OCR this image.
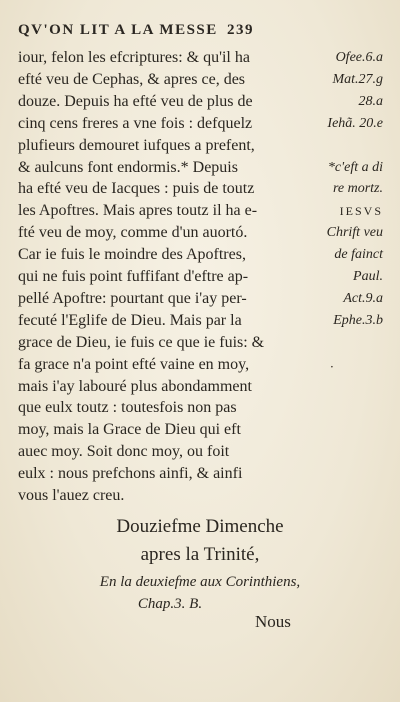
QV'ON LIT A LA MESSE 239
iour, felon les efcriptures: & qu'il ha	Ofee.6.a
efté veu de Cephas, & apres ce, des	Mat.27.g
douze. Depuis ha efté veu de plus de	28.a
cinq cens freres a vne fois : defquelz	Iehã. 20.e
plufieurs demouret iufques a prefent,
& aulcuns font endormis.* Depuis	*c'eft a di
ha efté veu de Iacques : puis de toutz	re mortz.
les Apoftres. Mais apres toutz il ha e-	IESVS
fté veu de moy, comme d'un auortó.	Chrift veu
Car ie fuis le moindre des Apoftres,	de fainct
qui ne fuis point fuffifant d'eftre ap-	Paul.
pellé Apoftre: pourtant que i'ay per-	Act.9.a
fecuté l'Eglife de Dieu. Mais par la	Ephe.3.b
grace de Dieu, ie fuis ce que ie fuis: &
fa grace n'a point efté vaine en moy,
mais i'ay labouré plus abondamment
que eulx toutz : toutesfois non pas
moy, mais la Grace de Dieu qui eft
auec moy. Soit donc moy, ou foit
eulx : nous prefchons ainfi, & ainfi
vous l'auez creu.
Douziefme Dimenche
apres la Trinité,
En la deuxiefme aux Corinthiens,
Chap.3. B.
Nous
·
